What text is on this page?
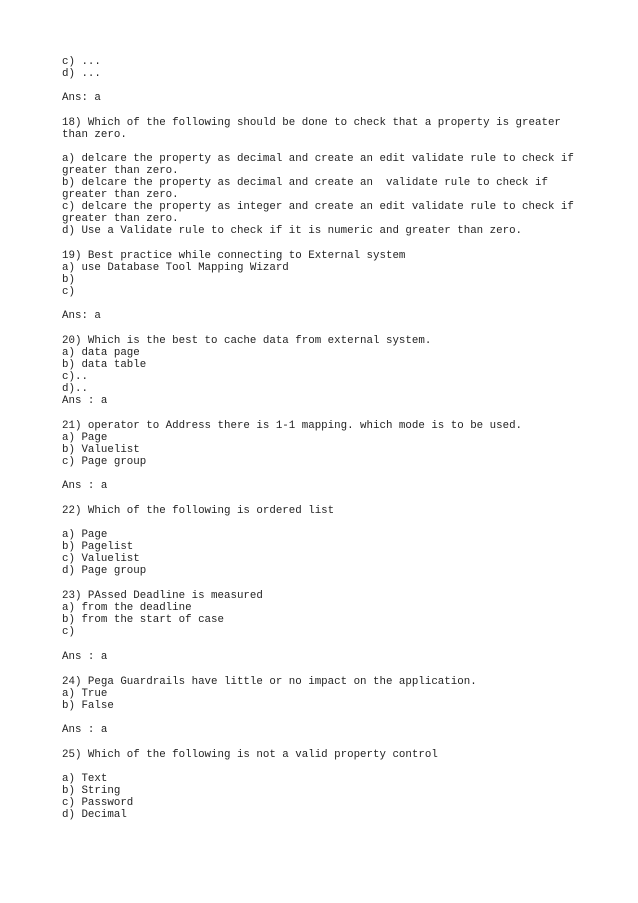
c) ...
d) ...
Ans: a
18) Which of the following should be done to check that a property is greater
than zero.
a) delcare the property as decimal and create an edit validate rule to check if
greater than zero.
b) delcare the property as decimal and create an  validate rule to check if
greater than zero.
c) delcare the property as integer and create an edit validate rule to check if
greater than zero.
d) Use a Validate rule to check if it is numeric and greater than zero.
19) Best practice while connecting to External system
a) use Database Tool Mapping Wizard
b)
c)
Ans: a
20) Which is the best to cache data from external system.
a) data page
b) data table
c)..
d)..
Ans : a
21) operator to Address there is 1-1 mapping. which mode is to be used.
a) Page
b) Valuelist
c) Page group
Ans : a
22) Which of the following is ordered list
a) Page
b) Pagelist
c) Valuelist
d) Page group
23) PAssed Deadline is measured
a) from the deadline
b) from the start of case
c)
Ans : a
24) Pega Guardrails have little or no impact on the application.
a) True
b) False
Ans : a
25) Which of the following is not a valid property control
a) Text
b) String
c) Password
d) Decimal
